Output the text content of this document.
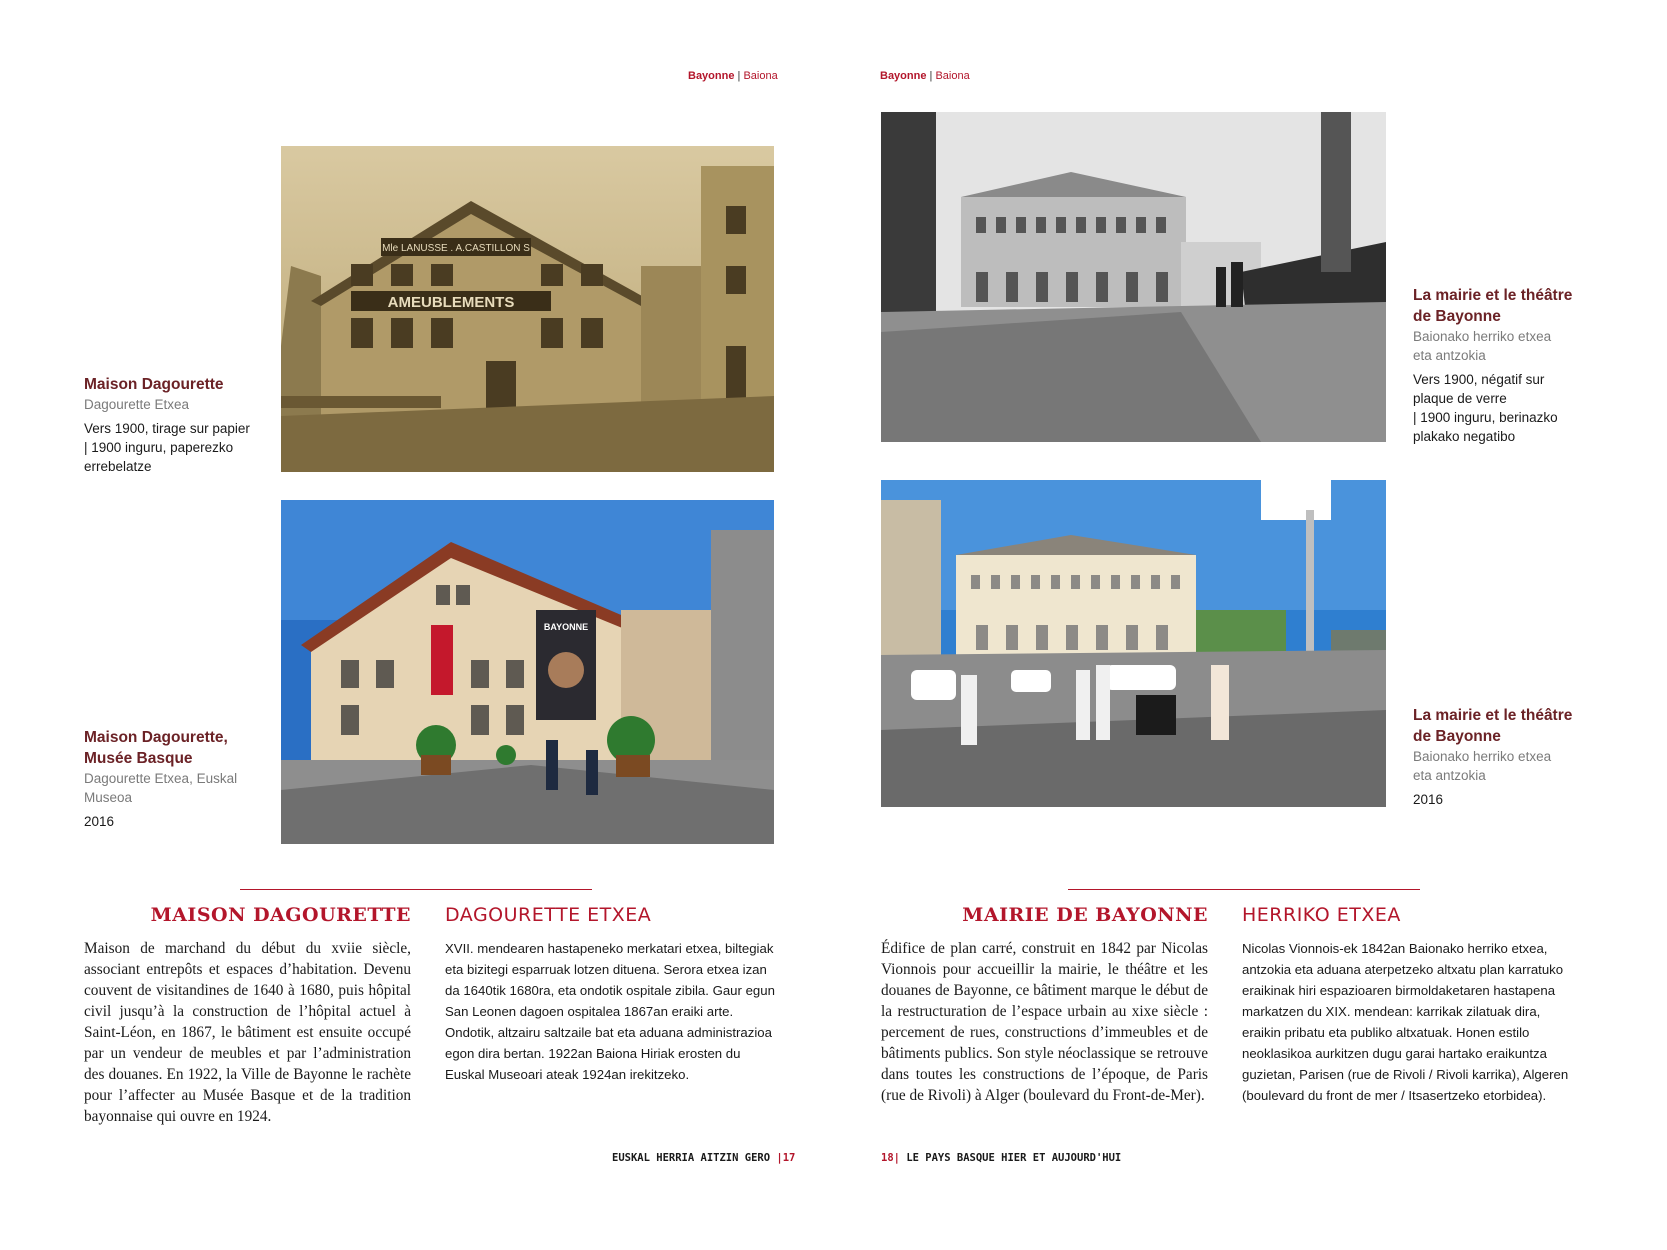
Bayonne | Baiona	Bayonne | Baiona
Mle LANUSSE . A.CASTILLON S
AMEUBLEMENTS
Maison Dagourette
Dagourette Etxea
Vers 1900, tirage sur papier
| 1900 inguru, paperezko
errebelatze
BAYONNE
Maison Dagourette,
Musée Basque
Dagourette Etxea, Euskal
Museoa
2016
MAISON DAGOURETTE DAGOURETTE ETXEA
Maison de marchand du début du xviie siècle, associant entrepôts et espaces d’habitation. Devenu couvent de visitandines de 1640 à 1680, puis hôpital civil jusqu’à la construction de l’hôpital actuel à Saint-Léon, en 1867, le bâtiment est ensuite occupé par un vendeur de meubles et par l’administration des douanes. En 1922, la Ville de Bayonne le rachète pour l’affecter au Musée Basque et de la tradition bayonnaise qui ouvre en 1924.
XVII. mendearen hastapeneko merkatari etxea, biltegiak eta bizitegi esparruak lotzen dituena. Serora etxea izan da 1640tik 1680ra, eta ondotik ospitale zibila. Gaur egun San Leonen dagoen ospitalea 1867an eraiki arte. Ondotik, altzairu saltzaile bat eta aduana administrazioa egon dira bertan. 1922an Baiona Hiriak erosten du Euskal Museoari ateak 1924an irekitzeko.
EUSKAL HERRIA AITZIN GERO |17
La mairie et le théâtre
de Bayonne
Baionako herriko etxea
eta antzokia
Vers 1900, négatif sur
plaque de verre
| 1900 inguru, berinazko
plakako negatibo
La mairie et le théâtre
de Bayonne
Baionako herriko etxea
eta antzokia
2016
MAIRIE DE BAYONNE HERRIKO ETXEA
Édifice de plan carré, construit en 1842 par Nicolas Vionnois pour accueillir la mairie, le théâtre et les douanes de Bayonne, ce bâtiment marque le début de la restructuration de l’espace urbain au xixe siècle : percement de rues, constructions d’immeubles et de bâtiments publics. Son style néoclassique se retrouve dans toutes les constructions de l’époque, de Paris (rue de Rivoli) à Alger (boulevard du Front-de-Mer).
Nicolas Vionnois-ek 1842an Baionako herriko etxea, antzokia eta aduana aterpetzeko altxatu plan karratuko eraikinak hiri espazioaren birmoldaketaren hastapena markatzen du XIX. mendean: karrikak zilatuak dira, eraikin pribatu eta publiko altxatuak. Honen estilo neoklasikoa aurkitzen dugu garai hartako eraikuntza guzietan, Parisen (rue de Rivoli / Rivoli karrika), Algeren (boulevard du front de mer / Itsasertzeko etorbidea).
18| LE PAYS BASQUE HIER ET AUJOURD'HUI
